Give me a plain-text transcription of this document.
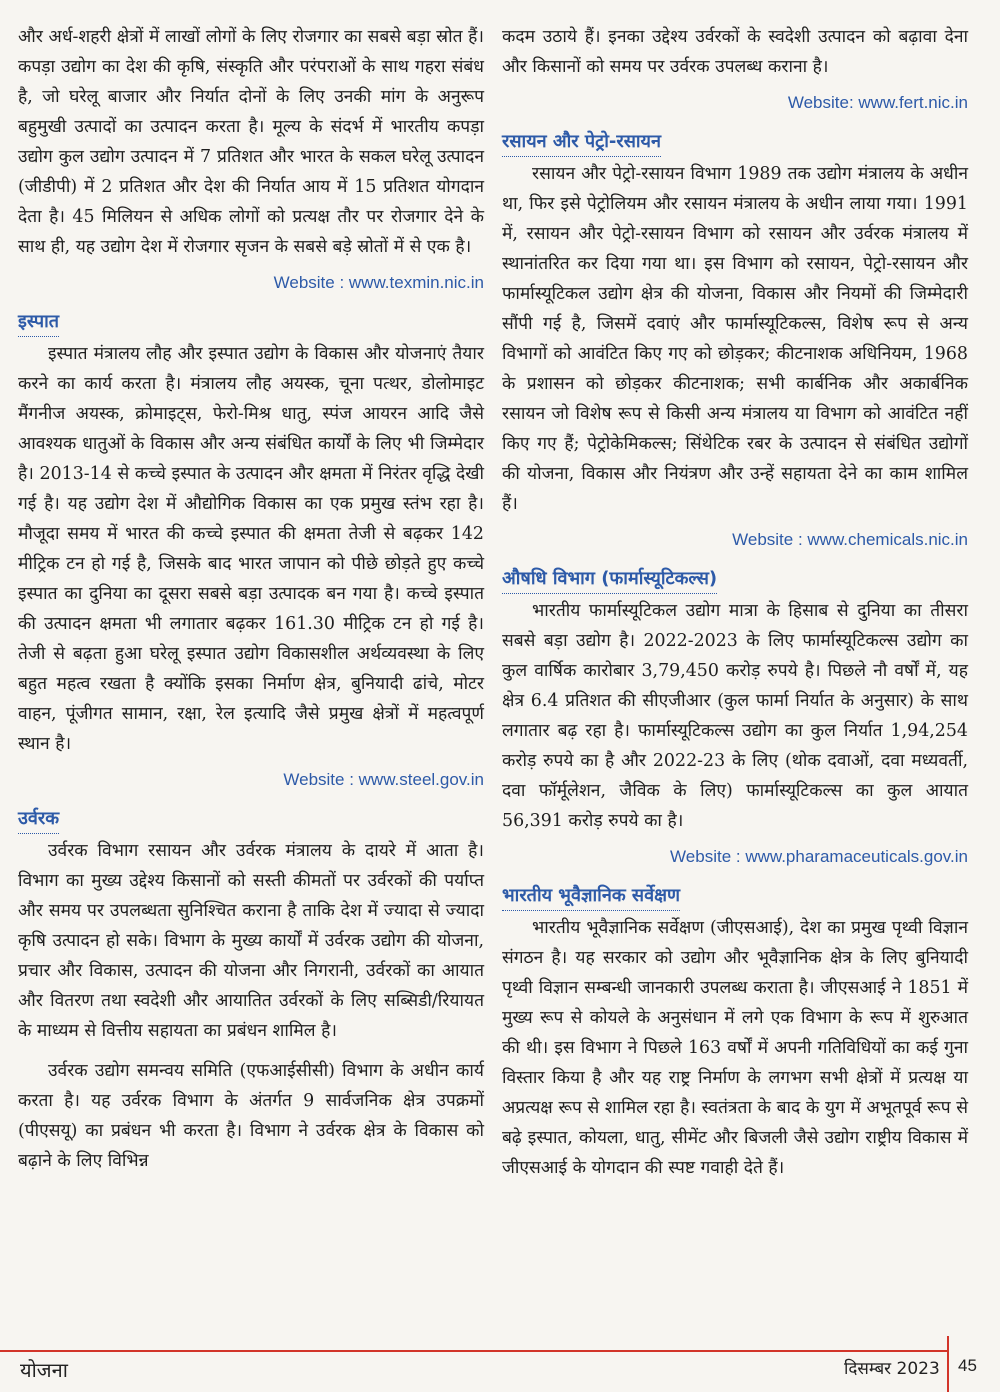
और अर्ध-शहरी क्षेत्रों में लाखों लोगों के लिए रोजगार का सबसे बड़ा स्रोत हैं। कपड़ा उद्योग का देश की कृषि, संस्कृति और परंपराओं के साथ गहरा संबंध है, जो घरेलू बाजार और निर्यात दोनों के लिए उनकी मांग के अनुरूप बहुमुखी उत्पादों का उत्पादन करता है। मूल्य के संदर्भ में भारतीय कपड़ा उद्योग कुल उद्योग उत्पादन में 7 प्रतिशत और भारत के सकल घरेलू उत्पादन (जीडीपी) में 2 प्रतिशत और देश की निर्यात आय में 15 प्रतिशत योगदान देता है। 45 मिलियन से अधिक लोगों को प्रत्यक्ष तौर पर रोजगार देने के साथ ही, यह उद्योग देश में रोजगार सृजन के सबसे बड़े स्रोतों में से एक है।

Website : www.texmin.nic.in
इस्पात

इस्पात मंत्रालय लौह और इस्पात उद्योग के विकास और योजनाएं तैयार करने का कार्य करता है। मंत्रालय लौह अयस्क, चूना पत्थर, डोलोमाइट मैंगनीज अयस्क, क्रोमाइट्स, फेरो-मिश्र धातु, स्पंज आयरन आदि जैसे आवश्यक धातुओं के विकास और अन्य संबंधित कार्यों के लिए भी जिम्मेदार है। 2013-14 से कच्चे इस्पात के उत्पादन और क्षमता में निरंतर वृद्धि देखी गई है। यह उद्योग देश में औद्योगिक विकास का एक प्रमुख स्तंभ रहा है। मौजूदा समय में भारत की कच्चे इस्पात की क्षमता तेजी से बढ़कर 142 मीट्रिक टन हो गई है, जिसके बाद भारत जापान को पीछे छोड़ते हुए कच्चे इस्पात का दुनिया का दूसरा सबसे बड़ा उत्पादक बन गया है। कच्चे इस्पात की उत्पादन क्षमता भी लगातार बढ़कर 161.30 मीट्रिक टन हो गई है। तेजी से बढ़ता हुआ घरेलू इस्पात उद्योग विकासशील अर्थव्यवस्था के लिए बहुत महत्व रखता है क्योंकि इसका निर्माण क्षेत्र, बुनियादी ढांचे, मोटर वाहन, पूंजीगत सामान, रक्षा, रेल इत्यादि जैसे प्रमुख क्षेत्रों में महत्वपूर्ण स्थान है।

Website : www.steel.gov.in
उर्वरक

उर्वरक विभाग रसायन और उर्वरक मंत्रालय के दायरे में आता है। विभाग का मुख्य उद्देश्य किसानों को सस्ती कीमतों पर उर्वरकों की पर्याप्त और समय पर उपलब्धता सुनिश्चित कराना है ताकि देश में ज्यादा से ज्यादा कृषि उत्पादन हो सके। विभाग के मुख्य कार्यों में उर्वरक उद्योग की योजना, प्रचार और विकास, उत्पादन की योजना और निगरानी, उर्वरकों का आयात और वितरण तथा स्वदेशी और आयातित उर्वरकों के लिए सब्सिडी/रियायत के माध्यम से वित्तीय सहायता का प्रबंधन शामिल है।

उर्वरक उद्योग समन्वय समिति (एफआईसीसी) विभाग के अधीन कार्य करता है। यह उर्वरक विभाग के अंतर्गत 9 सार्वजनिक क्षेत्र उपक्रमों (पीएसयू) का प्रबंधन भी करता है। विभाग ने उर्वरक क्षेत्र के विकास को बढ़ाने के लिए विभिन्न

कदम उठाये हैं। इनका उद्देश्य उर्वरकों के स्वदेशी उत्पादन को बढ़ावा देना और किसानों को समय पर उर्वरक उपलब्ध कराना है।

Website: www.fert.nic.in
रसायन और पेट्रो-रसायन

रसायन और पेट्रो-रसायन विभाग 1989 तक उद्योग मंत्रालय के अधीन था, फिर इसे पेट्रोलियम और रसायन मंत्रालय के अधीन लाया गया। 1991 में, रसायन और पेट्रो-रसायन विभाग को रसायन और उर्वरक मंत्रालय में स्थानांतरित कर दिया गया था। इस विभाग को रसायन, पेट्रो-रसायन और फार्मास्यूटिकल उद्योग क्षेत्र की योजना, विकास और नियमों की जिम्मेदारी सौंपी गई है, जिसमें दवाएं और फार्मास्यूटिकल्स, विशेष रूप से अन्य विभागों को आवंटित किए गए को छोड़कर; कीटनाशक अधिनियम, 1968 के प्रशासन को छोड़कर कीटनाशक; सभी कार्बनिक और अकार्बनिक रसायन जो विशेष रूप से किसी अन्य मंत्रालय या विभाग को आवंटित नहीं किए गए हैं; पेट्रोकेमिकल्स; सिंथेटिक रबर के उत्पादन से संबंधित उद्योगों की योजना, विकास और नियंत्रण और उन्हें सहायता देने का काम शामिल हैं।

Website : www.chemicals.nic.in
औषधि विभाग (फार्मास्यूटिकल्स)

भारतीय फार्मास्यूटिकल उद्योग मात्रा के हिसाब से दुनिया का तीसरा सबसे बड़ा उद्योग है। 2022-2023 के लिए फार्मास्यूटिकल्स उद्योग का कुल वार्षिक कारोबार 3,79,450 करोड़ रुपये है। पिछले नौ वर्षों में, यह क्षेत्र 6.4 प्रतिशत की सीएजीआर (कुल फार्मा निर्यात के अनुसार) के साथ लगातार बढ़ रहा है। फार्मास्यूटिकल्स उद्योग का कुल निर्यात 1,94,254 करोड़ रुपये का है और 2022-23 के लिए (थोक दवाओं, दवा मध्यवर्ती, दवा फॉर्मूलेशन, जैविक के लिए) फार्मास्यूटिकल्स का कुल आयात 56,391 करोड़ रुपये का है।

Website : www.pharamaceuticals.gov.in
भारतीय भूवैज्ञानिक सर्वेक्षण

भारतीय भूवैज्ञानिक सर्वेक्षण (जीएसआई), देश का प्रमुख पृथ्वी विज्ञान संगठन है। यह सरकार को उद्योग और भूवैज्ञानिक क्षेत्र के लिए बुनियादी पृथ्वी विज्ञान सम्बन्धी जानकारी उपलब्ध कराता है। जीएसआई ने 1851 में मुख्य रूप से कोयले के अनुसंधान में लगे एक विभाग के रूप में शुरुआत की थी। इस विभाग ने पिछले 163 वर्षों में अपनी गतिविधियों का कई गुना विस्तार किया है और यह राष्ट्र निर्माण के लगभग सभी क्षेत्रों में प्रत्यक्ष या अप्रत्यक्ष रूप से शामिल रहा है। स्वतंत्रता के बाद के युग में अभूतपूर्व रूप से बढ़े इस्पात, कोयला, धातु, सीमेंट और बिजली जैसे उद्योग राष्ट्रीय विकास में जीएसआई के योगदान की स्पष्ट गवाही देते हैं।

योजना	दिसम्बर 2023 45
